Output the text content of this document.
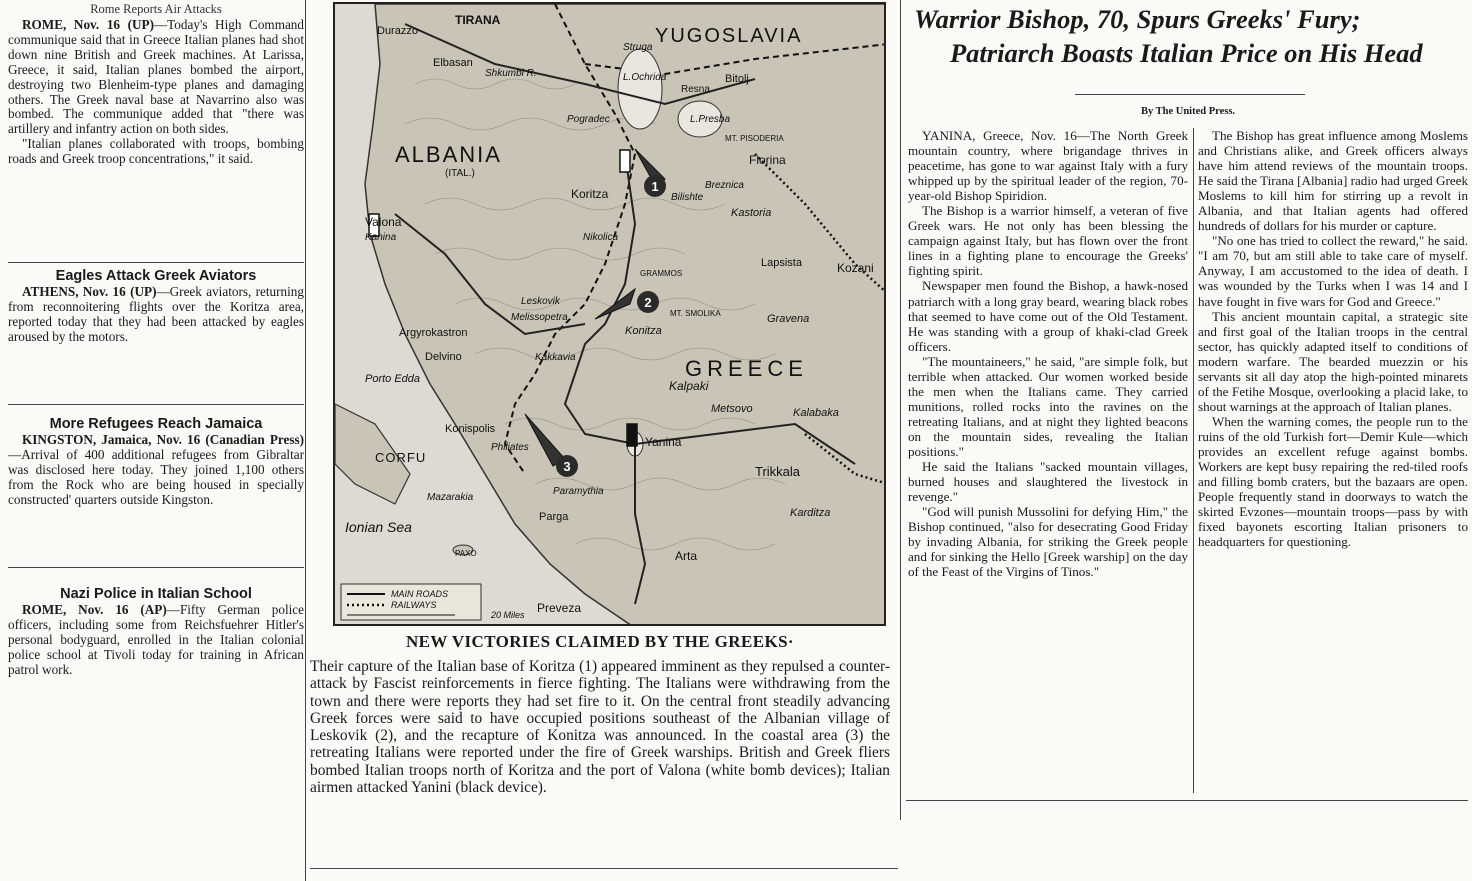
Rome Reports Air Attacks

ROME, Nov. 16 (UP)—Today's High Command communique said that in Greece Italian planes had shot down nine British and Greek machines. At Larissa, Greece, it said, Italian planes bombed the airport, destroying two Blenheim-type planes and damaging others. The Greek naval base at Navarrino also was bombed. The communique added that "there was artillery and infantry action on both sides.

"Italian planes collaborated with troops, bombing roads and Greek troop concentrations," it said.

Eagles Attack Greek Aviators

ATHENS, Nov. 16 (UP)—Greek aviators, returning from reconnoitering flights over the Koritza area, reported today that they had been attacked by eagles aroused by the motors.

More Refugees Reach Jamaica

KINGSTON, Jamaica, Nov. 16 (Canadian Press)—Arrival of 400 additional refugees from Gibraltar was disclosed here today. They joined 1,100 others from the Rock who are being housed in specially constructed' quarters outside Kingston.

Nazi Police in Italian School

ROME, Nov. 16 (AP)—Fifty German police officers, including some from Reichsfuehrer Hitler's personal bodyguard, enrolled in the Italian colonial police school at Tivoli today for training in African patrol work.

1
2
3
TIRANA
Durazzo	YUGOSLAVIA
Elbasan
Shkumbi R.
Struga
L.Ochrida	Bitolj
Resna
L.Presba
Pogradec
MT. PISODERIA
ALBANIA
(ITAL.)
Florina
Koritza	Bilishte
Breznica
Valona
Kanina	Nikolica
Kastoria
Lapsista	Kozani
GRAMMOS
Leskovik
Melissopetra
Konitza
MT. SMOLIKA	Gravena
Argyrokastron
Delvino	Kakkavia	GREECE
Porto Edda	Kalpaki
Metsovo	Kalabaka
Konispolis
Philiates	Yanina
CORFU
Trikkala
Paramythia
Karditza
Ionian Sea
Parga
PAXO	Arta
Mazarakia
Preveza
MAIN ROADS
RAILWAYS
20 Miles
NEW VICTORIES CLAIMED BY THE GREEKS·
Their capture of the Italian base of Koritza (1) appeared imminent as they repulsed a counter-attack by Fascist reinforcements in fierce fighting. The Italians were withdrawing from the town and there were reports they had set fire to it. On the central front steadily advancing Greek forces were said to have occupied positions southeast of the Albanian village of Leskovik (2), and the recapture of Konitza was announced. In the coastal area (3) the retreating Italians were reported under the fire of Greek warships. British and Greek fliers bombed Italian troops north of Koritza and the port of Valona (white bomb devices); Italian airmen attacked Yanini (black device).

Warrior Bishop, 70, Spurs Greeks' Fury;

Patriarch Boasts Italian Price on His Head

By The United Press.

YANINA, Greece, Nov. 16—The North Greek mountain country, where brigandage thrives in peacetime, has gone to war against Italy with a fury whipped up by the spiritual leader of the region, 70-year-old Bishop Spiridion.

The Bishop is a warrior himself, a veteran of five Greek wars. He not only has been blessing the campaign against Italy, but has flown over the front lines in a fighting plane to encourage the Greeks' fighting spirit.

Newspaper men found the Bishop, a hawk-nosed patriarch with a long gray beard, wearing black robes that seemed to have come out of the Old Testament. He was standing with a group of khaki-clad Greek officers.

"The mountaineers," he said, "are simple folk, but terrible when attacked. Our women worked beside the men when the Italians came. They carried munitions, rolled rocks into the ravines on the retreating Italians, and at night they lighted beacons on the mountain sides, revealing the Italian positions."

He said the Italians "sacked mountain villages, burned houses and slaughtered the livestock in revenge."

"God will punish Mussolini for defying Him," the Bishop continued, "also for desecrating Good Friday by invading Albania, for striking the Greek people and for sinking the Hello [Greek warship] on the day of the Feast of the Virgins of Tinos."

The Bishop has great influence among Moslems and Christians alike, and Greek officers always have him attend reviews of the mountain troops. He said the Tirana [Albania] radio had urged Greek Moslems to kill him for stirring up a revolt in Albania, and that Italian agents had offered hundreds of dollars for his murder or capture.

"No one has tried to collect the reward," he said. "I am 70, but am still able to take care of myself. Anyway, I am accustomed to the idea of death. I was wounded by the Turks when I was 14 and I have fought in five wars for God and Greece."

This ancient mountain capital, a strategic site and first goal of the Italian troops in the central sector, has quickly adapted itself to conditions of modern warfare. The bearded muezzin or his servants sit all day atop the high-pointed minarets of the Fetihe Mosque, overlooking a placid lake, to shout warnings at the approach of Italian planes.

When the warning comes, the people run to the ruins of the old Turkish fort—Demir Kule—which provides an excellent refuge against bombs. Workers are kept busy repairing the red-tiled roofs and filling bomb craters, but the bazaars are open. People frequently stand in doorways to watch the skirted Evzones—mountain troops—pass by with fixed bayonets escorting Italian prisoners to headquarters for questioning.
